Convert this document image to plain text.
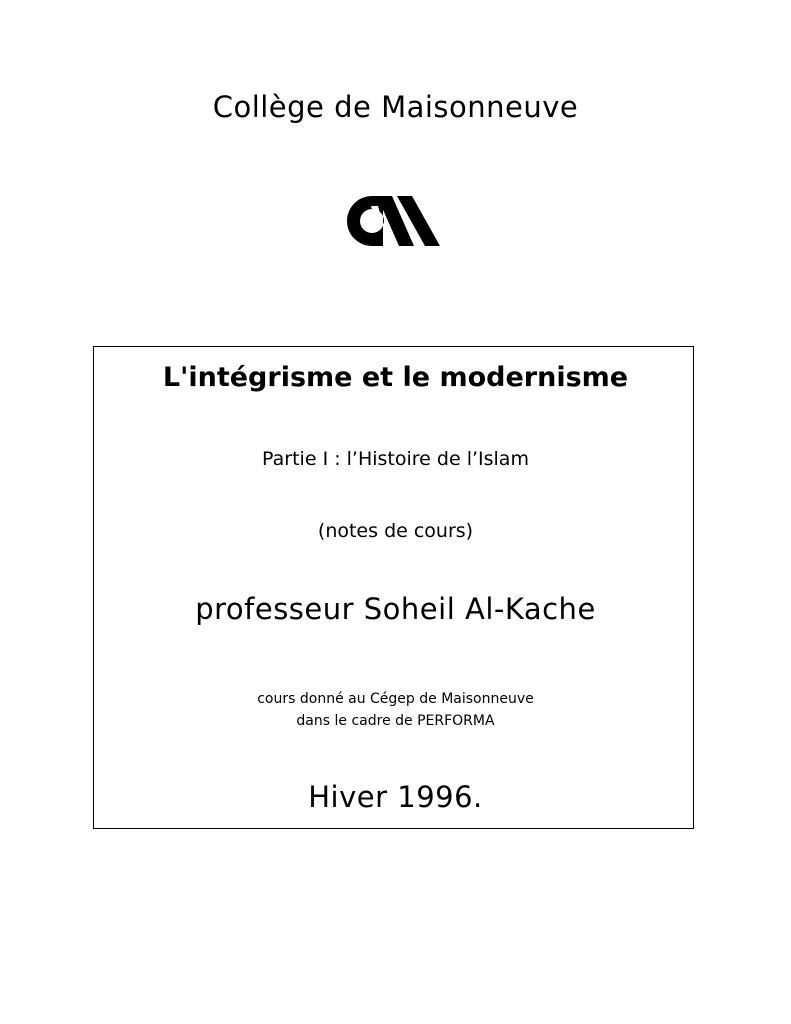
Collège de Maisonneuve
L'intégrisme et le modernisme
Partie I : l’Histoire de l’Islam
(notes de cours)
professeur Soheil Al-Kache
cours donné au Cégep de Maisonneuve
dans le cadre de PERFORMA
Hiver 1996.
